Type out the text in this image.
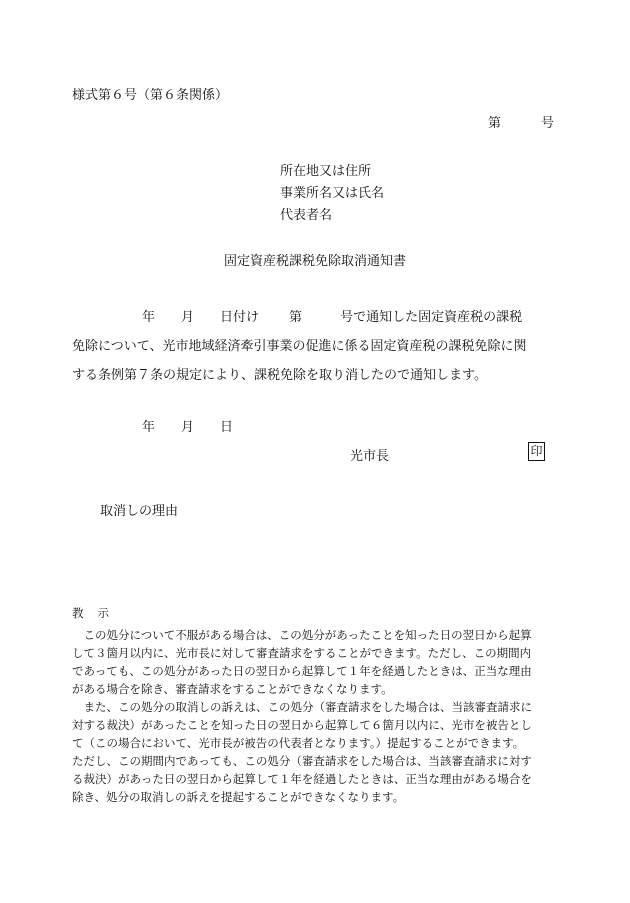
様式第６号（第６条関係）
第	号
所在地又は住所
事業所名又は氏名
代表者名
固定資産税課税免除取消通知書
年 月 日付け 第	号で通知した固定資産税の課税
免除について、光市地域経済牽引事業の促進に係る固定資産税の課税免除に関
する条例第７条の規定により、課税免除を取り消したので通知します。
年 月 日
光市長	印
取消しの理由
教 示
　この処分について不服がある場合は、この処分があったことを知った日の翌日から起算
して３箇月以内に、光市長に対して審査請求をすることができます。ただし、この期間内
であっても、この処分があった日の翌日から起算して１年を経過したときは、正当な理由
がある場合を除き、審査請求をすることができなくなります。
　また、この処分の取消しの訴えは、この処分（審査請求をした場合は、当該審査請求に
対する裁決）があったことを知った日の翌日から起算して６箇月以内に、光市を被告とし
て（この場合において、光市長が被告の代表者となります。）提起することができます。
ただし、この期間内であっても、この処分（審査請求をした場合は、当該審査請求に対す
る裁決）があった日の翌日から起算して１年を経過したときは、正当な理由がある場合を
除き、処分の取消しの訴えを提起することができなくなります。
